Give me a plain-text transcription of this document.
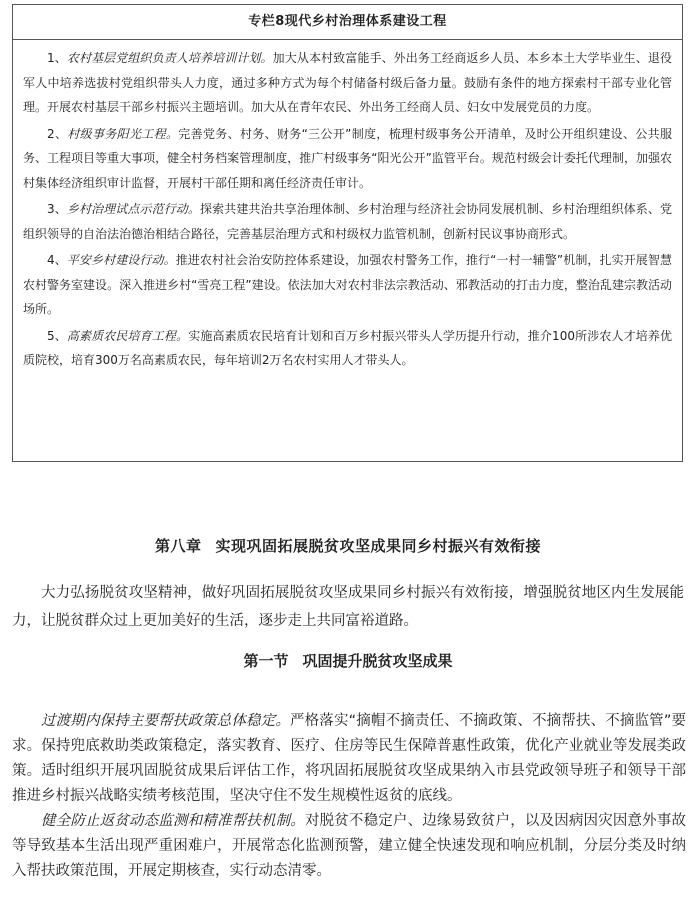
专栏8现代乡村治理体系建设工程

1、农村基层党组织负责人培养培训计划。加大从本村致富能手、外出务工经商返乡人员、本乡本土大学毕业生、退役军人中培养选拔村党组织带头人力度，通过多种方式为每个村储备村级后备力量。鼓励有条件的地方探索村干部专业化管理。开展农村基层干部乡村振兴主题培训。加大从在青年农民、外出务工经商人员、妇女中发展党员的力度。

2、村级事务阳光工程。完善党务、村务、财务“三公开”制度，梳理村级事务公开清单，及时公开组织建设、公共服务、工程项目等重大事项，健全村务档案管理制度，推广村级事务“阳光公开”监管平台。规范村级会计委托代理制，加强农村集体经济组织审计监督，开展村干部任期和离任经济责任审计。

3、乡村治理试点示范行动。探索共建共治共享治理体制、乡村治理与经济社会协同发展机制、乡村治理组织体系、党组织领导的自治法治德治相结合路径，完善基层治理方式和村级权力监管机制，创新村民议事协商形式。

4、平安乡村建设行动。推进农村社会治安防控体系建设，加强农村警务工作，推行“一村一辅警”机制，扎实开展智慧农村警务室建设。深入推进乡村“雪亮工程”建设。依法加大对农村非法宗教活动、邪教活动的打击力度，整治乱建宗教活动场所。

5、高素质农民培育工程。实施高素质农民培育计划和百万乡村振兴带头人学历提升行动，推介100所涉农人才培养优质院校，培育300万名高素质农民，每年培训2万名农村实用人才带头人。

第八章 实现巩固拓展脱贫攻坚成果同乡村振兴有效衔接

大力弘扬脱贫攻坚精神，做好巩固拓展脱贫攻坚成果同乡村振兴有效衔接，增强脱贫地区内生发展能力，让脱贫群众过上更加美好的生活，逐步走上共同富裕道路。

第一节 巩固提升脱贫攻坚成果

过渡期内保持主要帮扶政策总体稳定。严格落实“摘帽不摘责任、不摘政策、不摘帮扶、不摘监管”要求。保持兜底救助类政策稳定，落实教育、医疗、住房等民生保障普惠性政策，优化产业就业等发展类政策。适时组织开展巩固脱贫成果后评估工作，将巩固拓展脱贫攻坚成果纳入市县党政领导班子和领导干部推进乡村振兴战略实绩考核范围，坚决守住不发生规模性返贫的底线。

健全防止返贫动态监测和精准帮扶机制。对脱贫不稳定户、边缘易致贫户，以及因病因灾因意外事故等导致基本生活出现严重困难户，开展常态化监测预警，建立健全快速发现和响应机制，分层分类及时纳入帮扶政策范围，开展定期核查，实行动态清零。
